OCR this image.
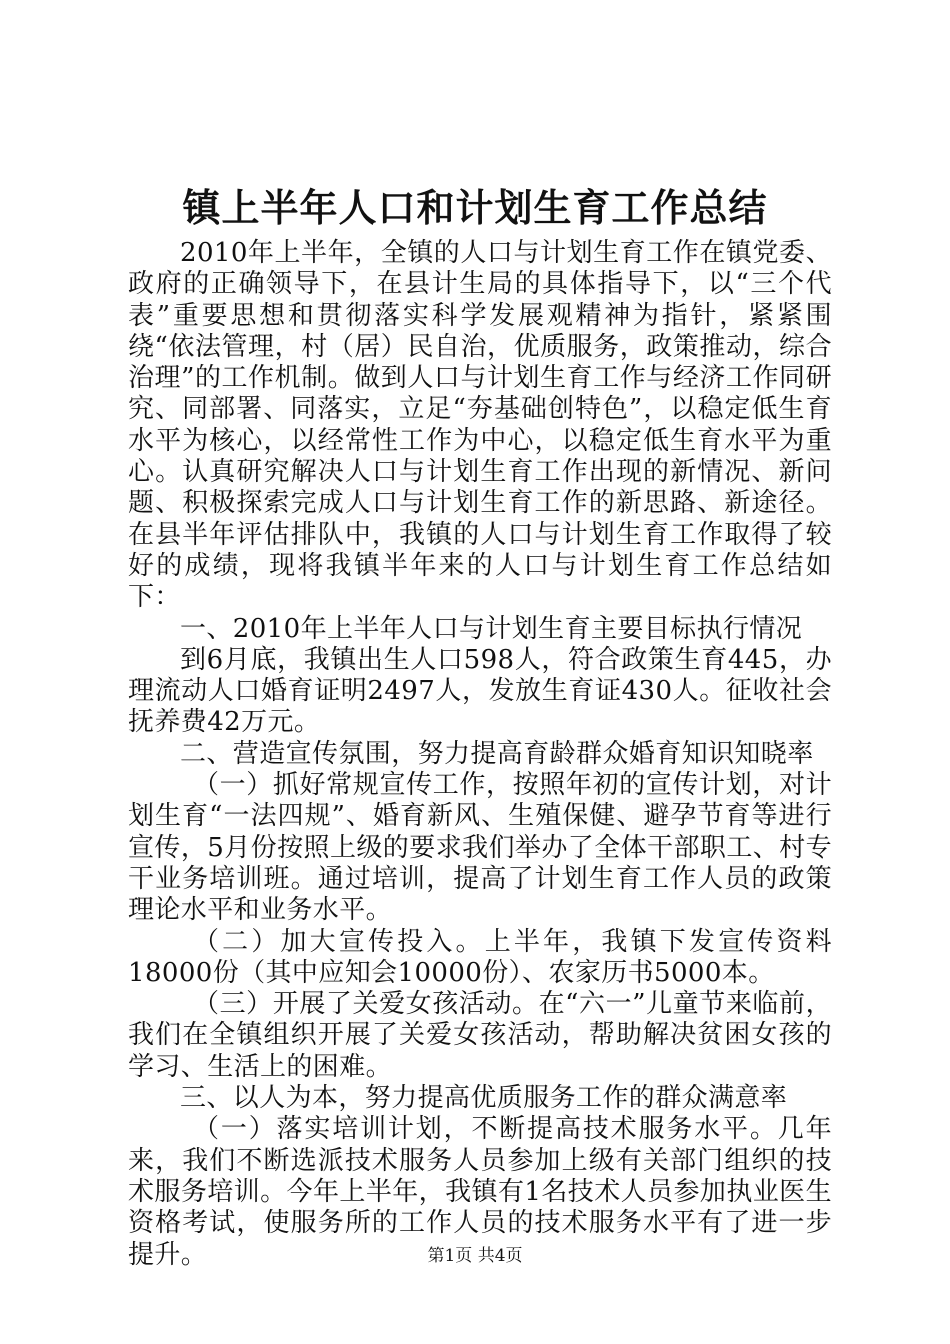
镇上半年人口和计划生育工作总结

2010年上半年，全镇的人口与计划生育工作在镇党委、政府的正确领导下，在县计生局的具体指导下，以“三个代表”重要思想和贯彻落实科学发展观精神为指针，紧紧围绕“依法管理，村（居）民自治，优质服务，政策推动，综合治理”的工作机制。做到人口与计划生育工作与经济工作同研究、同部署、同落实，立足“夯基础创特色”，以稳定低生育水平为核心，以经常性工作为中心，以稳定低生育水平为重心。认真研究解决人口与计划生育工作出现的新情况、新问题、积极探索完成人口与计划生育工作的新思路、新途径。在县半年评估排队中，我镇的人口与计划生育工作取得了较好的成绩，现将我镇半年来的人口与计划生育工作总结如下：

一、2010年上半年人口与计划生育主要目标执行情况

到6月底，我镇出生人口598人，符合政策生育445，办理流动人口婚育证明2497人，发放生育证430人。征收社会抚养费42万元。

二、营造宣传氛围，努力提高育龄群众婚育知识知晓率

（一）抓好常规宣传工作，按照年初的宣传计划，对计划生育“一法四规”、婚育新风、生殖保健、避孕节育等进行宣传，5月份按照上级的要求我们举办了全体干部职工、村专干业务培训班。通过培训，提高了计划生育工作人员的政策理论水平和业务水平。

（二）加大宣传投入。上半年，我镇下发宣传资料18000份（其中应知会10000份）、农家历书5000本。

（三）开展了关爱女孩活动。在“六一”儿童节来临前，我们在全镇组织开展了关爱女孩活动，帮助解决贫困女孩的学习、生活上的困难。

三、以人为本，努力提高优质服务工作的群众满意率

（一）落实培训计划，不断提高技术服务水平。几年来，我们不断选派技术服务人员参加上级有关部门组织的技术服务培训。今年上半年，我镇有1名技术人员参加执业医生资格考试，使服务所的工作人员的技术服务水平有了进一步提升。	第1页 共4页
